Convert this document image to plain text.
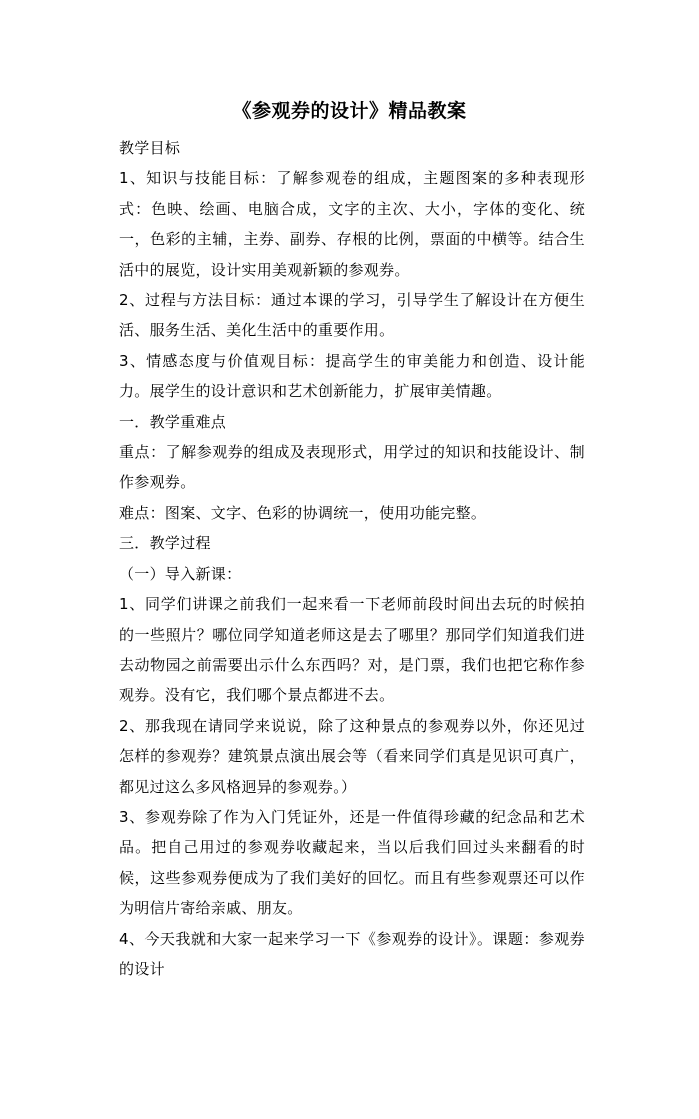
《参观券的设计》精品教案

教学目标

1、知识与技能目标：了解参观卷的组成，主题图案的多种表现形式：色映、绘画、电脑合成，文字的主次、大小，字体的变化、统一，色彩的主辅，主券、副券、存根的比例，票面的中横等。结合生活中的展览，设计实用美观新颖的参观券。

2、过程与方法目标：通过本课的学习，引导学生了解设计在方便生活、服务生活、美化生活中的重要作用。

3、情感态度与价值观目标：提高学生的审美能力和创造、设计能力。展学生的设计意识和艺术创新能力，扩展审美情趣。

一．教学重难点

重点：了解参观券的组成及表现形式，用学过的知识和技能设计、制作参观券。

难点：图案、文字、色彩的协调统一，使用功能完整。

三．教学过程

（一）导入新课：

1、同学们讲课之前我们一起来看一下老师前段时间出去玩的时候拍的一些照片？哪位同学知道老师这是去了哪里？那同学们知道我们进去动物园之前需要出示什么东西吗？对，是门票，我们也把它称作参观券。没有它，我们哪个景点都进不去。

2、那我现在请同学来说说，除了这种景点的参观券以外，你还见过怎样的参观券？建筑景点演出展会等（看来同学们真是见识可真广，都见过这么多风格迥异的参观券。）

3、参观券除了作为入门凭证外，还是一件值得珍藏的纪念品和艺术品。把自己用过的参观券收藏起来，当以后我们回过头来翻看的时候，这些参观券便成为了我们美好的回忆。而且有些参观票还可以作为明信片寄给亲戚、朋友。

4、今天我就和大家一起来学习一下《参观券的设计》。课题：参观券的设计
